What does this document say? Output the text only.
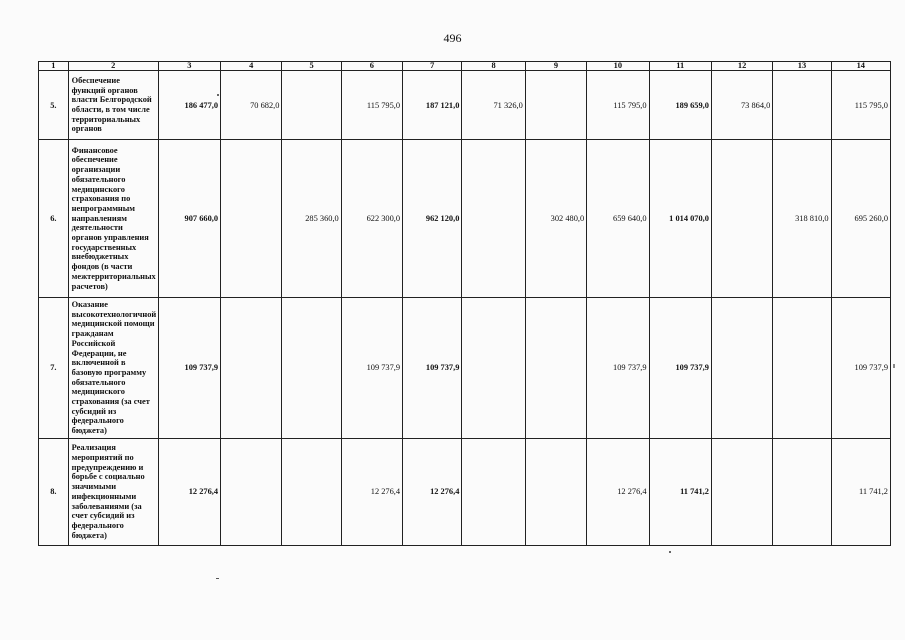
496
1	2	3	4	5	6	7	8	9	10	11	12	13	14
5.	Обеспечение функций органов власти Белгородской области, в том числе территориальных органов	186 477,0	70 682,0		115 795,0	187 121,0	71 326,0		115 795,0	189 659,0	73 864,0		115 795,0
6.	Финансовое обеспечение организации обязательного медицинского страхования по непрограммным направлениям деятельности органов управления государственных внебюджетных фондов (в части межтерриториальных расчетов)	907 660,0		285 360,0	622 300,0	962 120,0		302 480,0	659 640,0	1 014 070,0		318 810,0	695 260,0
7.	Оказание высокотехнологичной медицинской помощи гражданам Российской Федерации, не включенной в базовую программу обязательного медицинского страхования (за счет субсидий из федерального бюджета)	109 737,9			109 737,9	109 737,9			109 737,9	109 737,9			109 737,9
8.	Реализация мероприятий по предупреждению и борьбе с социально значимыми инфекционными заболеваниями (за счет субсидий из федерального бюджета)	12 276,4			12 276,4	12 276,4			12 276,4	11 741,2			11 741,2
